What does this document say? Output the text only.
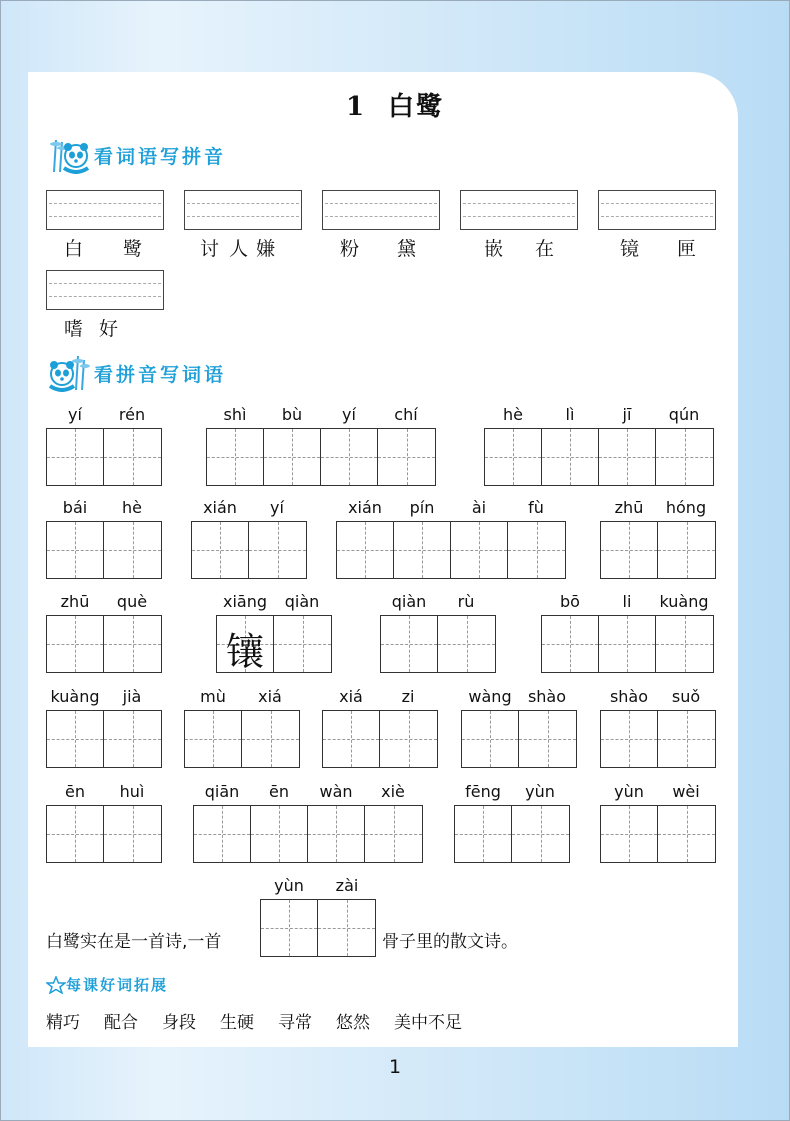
1 白鹭
看词语写拼音
白 鹭	讨 人 嫌	粉 黛	嵌 在	镜 匣
嗜 好
看拼音写词语
yí	rén	shì	bù	yí	chí	hè	lì	jī	qún
bái	hè	xián	yí	xián	pín	ài	fù	zhū	hóng
zhū	què	xiāng	qiàn
镶
qiàn	rù	bō	li	kuàng
kuàng	jià	mù	xiá	xiá	zi	wàng	shào	shào	suǒ
ēn	huì	qiān	ēn	wàn	xiè	fēng	yùn	yùn	wèi
白鹭实在是一首诗,一首
yùn	zài
骨子里的散文诗。
每课好词拓展
精巧 配合 身段 生硬 寻常 悠然 美中不足
1
